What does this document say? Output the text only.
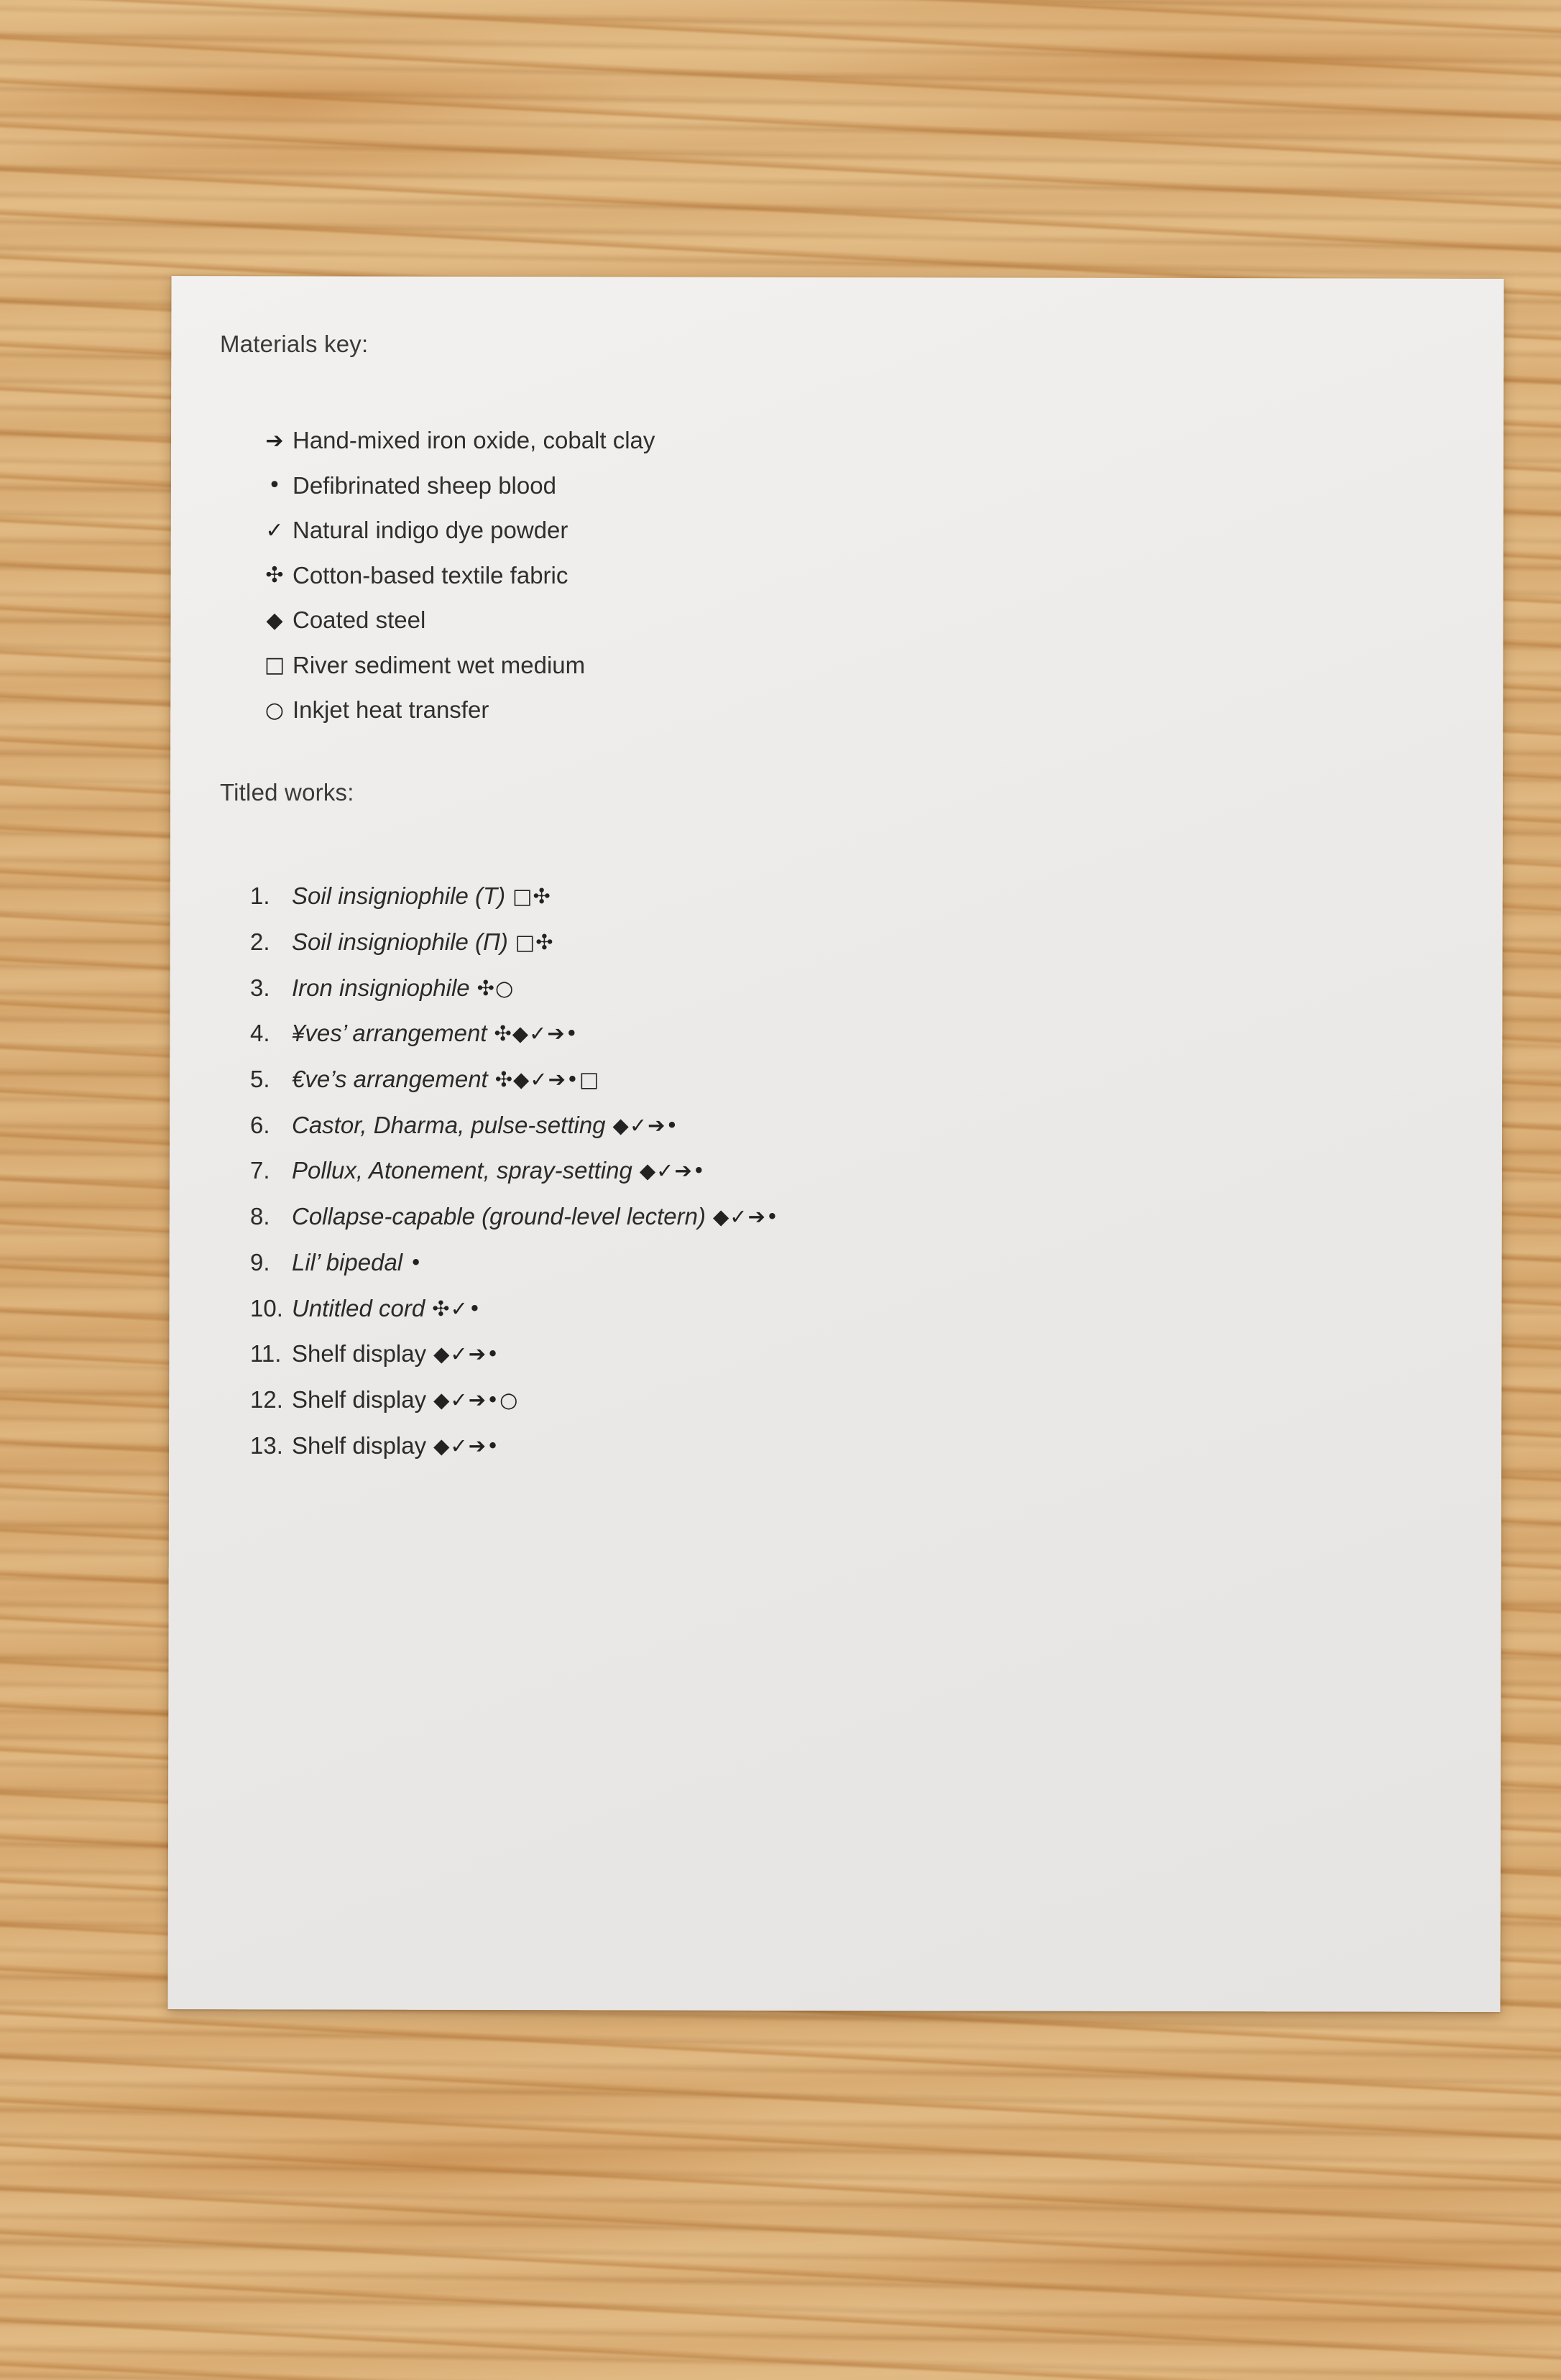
Materials key:
➔ Hand-mixed iron oxide, cobalt clay
• Defibrinated sheep blood
✓ Natural indigo dye powder
✣ Cotton-based textile fabric
◆ Coated steel
□ River sediment wet medium
○ Inkjet heat transfer
Titled works:
1. Soil insigniophile (T) □✣
2. Soil insigniophile (Π) □✣
3. Iron insigniophile ✣○
4. ¥ves’ arrangement ✣◆✓➔•
5. €ve’s arrangement ✣◆✓➔•□
6. Castor, Dharma, pulse-setting ◆✓➔•
7. Pollux, Atonement, spray-setting ◆✓➔•
8. Collapse-capable (ground-level lectern) ◆✓➔•
9. Lil’ bipedal •
10. Untitled cord ✣✓•
11. Shelf display ◆✓➔•
12. Shelf display ◆✓➔•○
13. Shelf display ◆✓➔•
